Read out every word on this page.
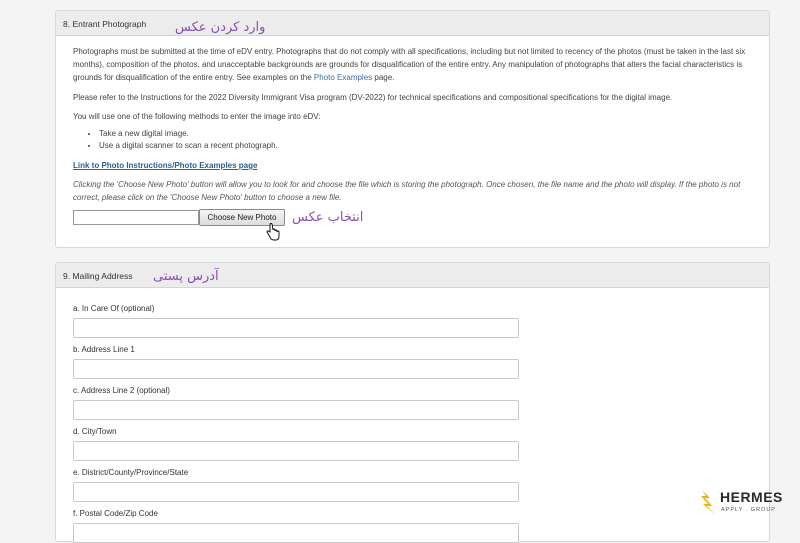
8. Entrant Photograph
Photographs must be submitted at the time of eDV entry. Photographs that do not comply with all specifications, including but not limited to recency of the photos (must be taken in the last six months), composition of the photos, and unacceptable backgrounds are grounds for disqualification of the entire entry. Any manipulation of photographs that alters the facial characteristics is grounds for disqualification of the entire entry. See examples on the Photo Examples page.
Please refer to the Instructions for the 2022 Diversity Immigrant Visa program (DV-2022) for technical specifications and compositional specifications for the digital image.
You will use one of the following methods to enter the image into eDV:
• Take a new digital image.
• Use a digital scanner to scan a recent photograph.
Link to Photo Instructions/Photo Examples page
Clicking the 'Choose New Photo' button will allow you to look for and choose the file which is storing the photograph. Once chosen, the file name and the photo will display. If the photo is not correct, please click on the 'Choose New Photo' button to choose a new file.
Choose New Photo
وارد کردن عکس
انتخاب عکس
9. Mailing Address
a. In Care Of (optional)
b. Address Line 1
c. Address Line 2 (optional)
d. City/Town
e. District/County/Province/State
f. Postal Code/Zip Code
آدرس پستی
HERMES
APPLY . GROUP
